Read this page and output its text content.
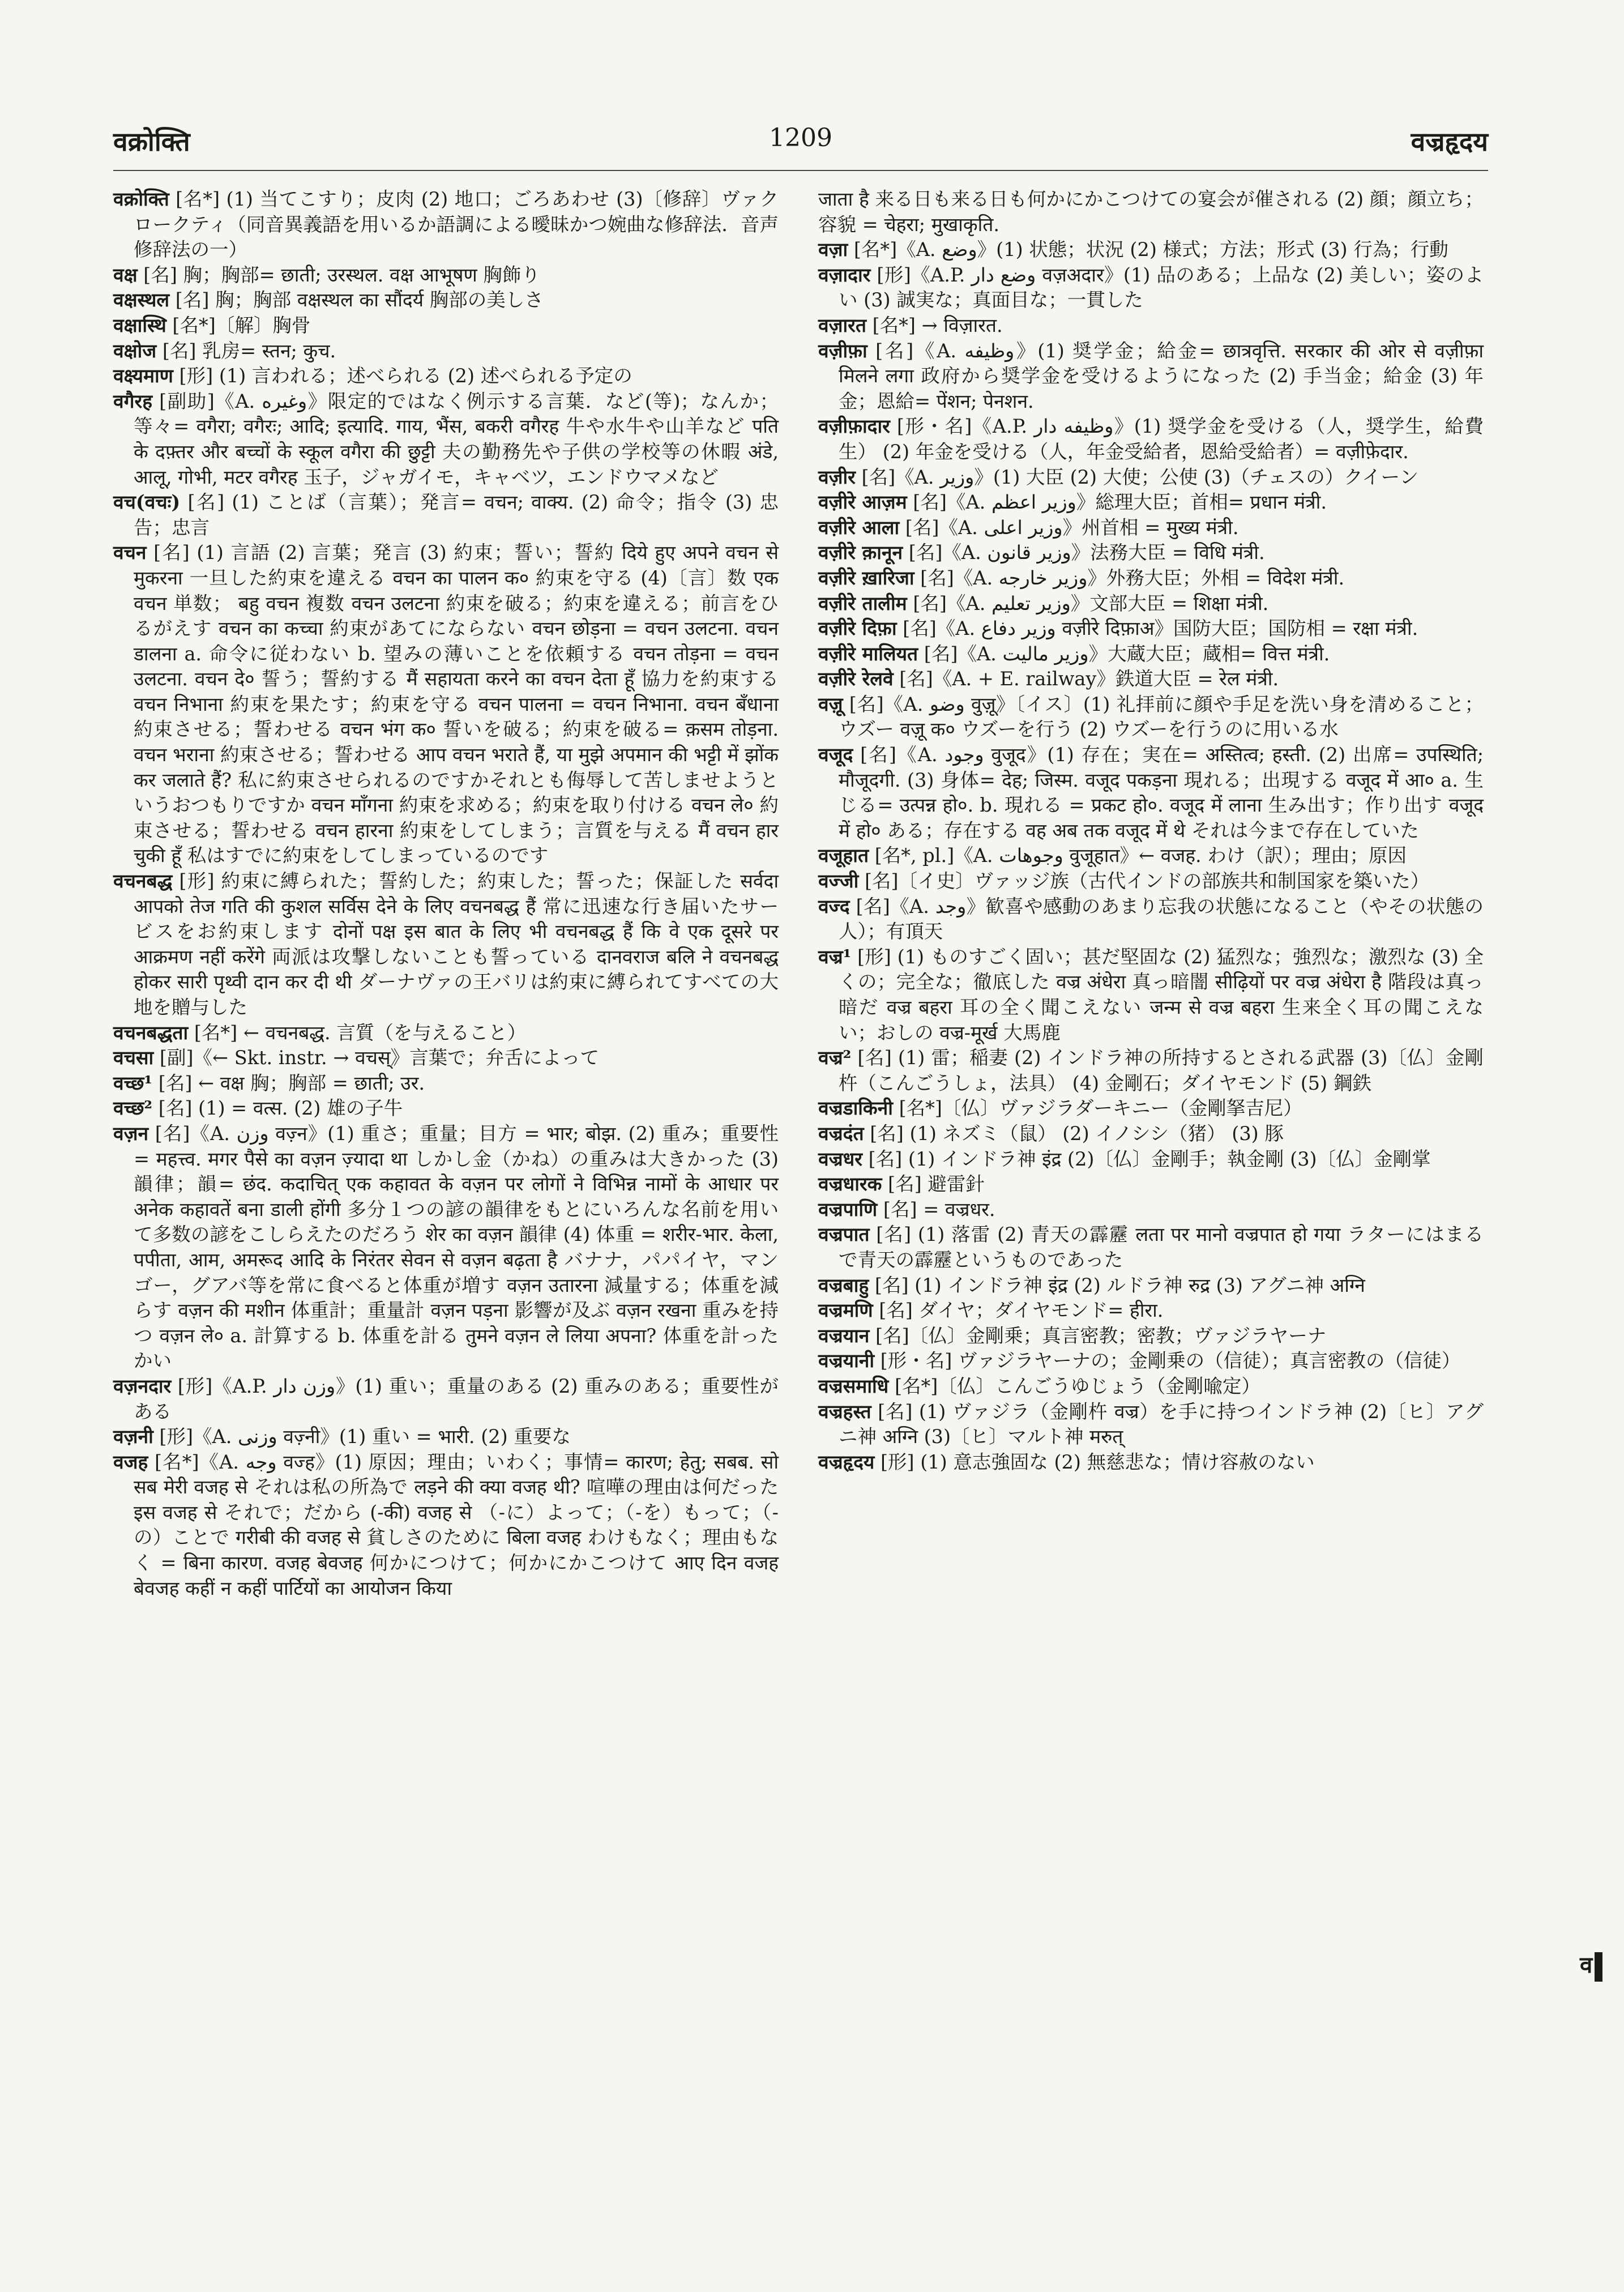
वक्रोक्ति	1209	वज्रहृदय

वक्रोक्ति [名*] (1) 当てこすり；皮肉 (2) 地口；ごろあわせ (3)〔修辞〕ヴァクロークティ（同音異義語を用いるか語調による曖昧かつ婉曲な修辞法．音声修辞法の一）

वक्ष [名] 胸；胸部= छाती; उरस्थल. वक्ष आभूषण 胸飾り

वक्षस्थल [名] 胸；胸部 वक्षस्थल का सौंदर्य 胸部の美しさ

वक्षास्थि [名*]〔解〕胸骨

वक्षोज [名] 乳房= स्तन; कुच.

वक्ष्यमाण [形] (1) 言われる；述べられる (2) 述べられる予定の

वगैरह [副助]《A. وغيره》限定的ではなく例示する言葉．など(等)；なんか；等々= वगैरा; वगैरः; आदि; इत्यादि. गाय, भैंस, बकरी वगैरह 牛や水牛や山羊など पति के दफ़्तर और बच्चों के स्कूल वगैरा की छुट्टी 夫の勤務先や子供の学校等の休暇 अंडे, आलू, गोभी, मटर वगैरह 玉子，ジャガイモ，キャベツ，エンドウマメなど

वच(वचः) [名] (1) ことば（言葉）；発言= वचन; वाक्य. (2) 命令；指令 (3) 忠告；忠言

वचन [名] (1) 言語 (2) 言葉；発言 (3) 約束；誓い；誓約 दिये हुए अपने वचन से मुकरना 一旦した約束を違える वचन का पालन क० 約束を守る (4)〔言〕数 एक वचन 単数； बहु वचन 複数 वचन उलटना 約束を破る；約束を違える；前言をひるがえす वचन का कच्चा 約束があてにならない वचन छोड़ना = वचन उलटना. वचन डालना a. 命令に従わない b. 望みの薄いことを依頼する वचन तोड़ना = वचन उलटना. वचन दे० 誓う；誓約する मैं सहायता करने का वचन देता हूँ 協力を約束する वचन निभाना 約束を果たす；約束を守る वचन पालना = वचन निभाना. वचन बँधाना 約束させる；誓わせる वचन भंग क० 誓いを破る；約束を破る= क़सम तोड़ना. वचन भराना 約束させる；誓わせる आप वचन भराते हैं, या मुझे अपमान की भट्टी में झोंक कर जलाते हैं? 私に約束させられるのですかそれとも侮辱して苦しませようというおつもりですか वचन माँगना 約束を求める；約束を取り付ける वचन ले० 約束させる；誓わせる वचन हारना 約束をしてしまう；言質を与える मैं वचन हार चुकी हूँ 私はすでに約束をしてしまっているのです

वचनबद्ध [形] 約束に縛られた；誓約した；約束した；誓った；保証した सर्वदा आपको तेज गति की कुशल सर्विस देने के लिए वचनबद्ध हैं 常に迅速な行き届いたサービスをお約束します दोनों पक्ष इस बात के लिए भी वचनबद्ध हैं कि वे एक दूसरे पर आक्रमण नहीं करेंगे 両派は攻撃しないことも誓っている दानवराज बलि ने वचनबद्ध होकर सारी पृथ्वी दान कर दी थी ダーナヴァの王バリは約束に縛られてすべての大地を贈与した

वचनबद्धता [名*] ← वचनबद्ध. 言質（を与えること）

वचसा [副]《← Skt. instr. → वचस्》言葉で；弁舌によって

वच्छ¹ [名] ← वक्ष 胸；胸部 = छाती; उर.

वच्छ² [名] (1) = वत्स. (2) 雄の子牛

वज़न [名]《A. وزن वज़्न》(1) 重さ；重量；目方 = भार; बोझ. (2) 重み；重要性 = महत्त्व. मगर पैसे का वज़न ज़्यादा था しかし金（かね）の重みは大きかった (3) 韻律；韻= छंद. कदाचित् एक कहावत के वज़न पर लोगों ने विभिन्न नामों के आधार पर अनेक कहावतें बना डाली होंगी 多分１つの諺の韻律をもとにいろんな名前を用いて多数の諺をこしらえたのだろう शेर का वज़न 韻律 (4) 体重 = शरीर-भार. केला, पपीता, आम, अमरूद आदि के निरंतर सेवन से वज़न बढ़ता है バナナ，パパイヤ，マンゴー，グアバ等を常に食べると体重が増す वज़न उतारना 減量する；体重を減らす वज़न की मशीन 体重計；重量計 वज़न पड़ना 影響が及ぶ वज़न रखना 重みを持つ वज़न ले० a. 計算する b. 体重を計る तुमने वज़न ले लिया अपना? 体重を計ったかい

वज़नदार [形]《A.P. وزن دار》(1) 重い；重量のある (2) 重みのある；重要性がある

वज़नी [形]《A. وزنى वज़्नी》(1) 重い = भारी. (2) 重要な

वजह [名*]《A. وجه वज्ह》(1) 原因；理由；いわく；事情= कारण; हेतु; सबब. सो सब मेरी वजह से それは私の所為で लड़ने की क्या वजह थी? 喧嘩の理由は何だった इस वजह से それで；だから (-की) वजह से （-に）よって；（-を）もって；（-の）ことで गरीबी की वजह से 貧しさのために बिला वजह わけもなく；理由もなく = बिना कारण. वजह बेवजह 何かにつけて；何かにかこつけて आए दिन वजह बेवजह कहीं न कहीं पार्टियों का आयोजन किया

जाता है 来る日も来る日も何かにかこつけての宴会が催される (2) 顔；顔立ち；容貌 = चेहरा; मुखाकृति.

वज़ा [名*]《A. وضع》(1) 状態；状況 (2) 様式；方法；形式 (3) 行為；行動

वज़ादार [形]《A.P. وضع دار वज़अदार》(1) 品のある；上品な (2) 美しい；姿のよい (3) 誠実な；真面目な；一貫した

वज़ारत [名*] → विज़ारत.

वज़ीफ़ा [名]《A. وظيفه》(1) 奨学金；給金= छात्रवृत्ति. सरकार की ओर से वज़ीफ़ा मिलने लगा 政府から奨学金を受けるようになった (2) 手当金；給金 (3) 年金；恩給= पेंशन; पेनशन.

वज़ीफ़ादार [形・名]《A.P. وظيفه دار》(1) 奨学金を受ける（人，奨学生，給費生） (2) 年金を受ける（人，年金受給者，恩給受給者）= वज़ीफ़ेदार.

वज़ीर [名]《A. وزير》(1) 大臣 (2) 大使；公使 (3)（チェスの）クイーン

वज़ीरे आज़म [名]《A. وزير اعظم》総理大臣；首相= प्रधान मंत्री.

वज़ीरे आला [名]《A. وزير اعلى》州首相 = मुख्य मंत्री.

वज़ीरे क़ानून [名]《A. وزير قانون》法務大臣 = विधि मंत्री.

वज़ीरे ख़ारिजा [名]《A. وزير خارجه》外務大臣；外相 = विदेश मंत्री.

वज़ीरे तालीम [名]《A. وزير تعليم》文部大臣 = शिक्षा मंत्री.

वज़ीरे दिफ़ा [名]《A. وزير دفاع वज़ीरे दिफ़ाअ》国防大臣；国防相 = रक्षा मंत्री.

वज़ीरे मालियत [名]《A. وزير ماليت》大蔵大臣；蔵相= वित्त मंत्री.

वज़ीरे रेलवे [名]《A. + E. railway》鉄道大臣 = रेल मंत्री.

वज़ू [名]《A. وضو वुज़ू》〔イス〕(1) 礼拝前に顔や手足を洗い身を清めること；ウズー वज़ू क० ウズーを行う (2) ウズーを行うのに用いる水

वजूद [名]《A. وجود वुजूद》(1) 存在；実在= अस्तित्व; हस्ती. (2) 出席= उपस्थिति; मौजूदगी. (3) 身体= देह; जिस्म. वजूद पकड़ना 現れる；出現する वजूद में आ० a. 生じる= उत्पन्न हो०. b. 現れる = प्रकट हो०. वजूद में लाना 生み出す；作り出す वजूद में हो० ある；存在する वह अब तक वजूद में थे それは今まで存在していた

वजूहात [名*, pl.]《A. وجوهات वुजूहात》← वजह. わけ（訳）；理由；原因

वज्जी [名]〔イ史〕ヴァッジ族（古代インドの部族共和制国家を築いた）

वज्द [名]《A. وجد》歓喜や感動のあまり忘我の状態になること（やその状態の人）；有頂天

वज्र¹ [形] (1) ものすごく固い；甚だ堅固な (2) 猛烈な；強烈な；激烈な (3) 全くの；完全な；徹底した वज्र अंधेरा 真っ暗闇 सीढ़ियों पर वज्र अंधेरा है 階段は真っ暗だ वज्र बहरा 耳の全く聞こえない जन्म से वज्र बहरा 生来全く耳の聞こえない；おしの वज्र-मूर्ख 大馬鹿

वज्र² [名] (1) 雷；稲妻 (2) インドラ神の所持するとされる武器 (3)〔仏〕金剛杵（こんごうしょ，法具） (4) 金剛石；ダイヤモンド (5) 鋼鉄

वज्रडाकिनी [名*]〔仏〕ヴァジラダーキニー（金剛拏吉尼）

वज्रदंत [名] (1) ネズミ（鼠） (2) イノシシ（猪） (3) 豚

वज्रधर [名] (1) インドラ神 इंद्र (2)〔仏〕金剛手；執金剛 (3)〔仏〕金剛掌

वज्रधारक [名] 避雷針

वज्रपाणि [名] = वज्रधर.

वज्रपात [名] (1) 落雷 (2) 青天の霹靂 लता पर मानो वज्रपात हो गया ラターにはまるで青天の霹靂というものであった

वज्रबाहु [名] (1) インドラ神 इंद्र (2) ルドラ神 रुद्र (3) アグニ神 अग्नि

वज्रमणि [名] ダイヤ；ダイヤモンド= हीरा.

वज्रयान [名]〔仏〕金剛乗；真言密教；密教；ヴァジラヤーナ

वज्रयानी [形・名] ヴァジラヤーナの；金剛乗の（信徒）；真言密教の（信徒）

वज्रसमाधि [名*]〔仏〕こんごうゆじょう（金剛喩定）

वज्रहस्त [名] (1) ヴァジラ（金剛杵 वज्र）を手に持つインドラ神 (2)〔ヒ〕アグニ神 अग्नि (3)〔ヒ〕マルト神 मरुत्

वज्रहृदय [形] (1) 意志強固な (2) 無慈悲な；情け容赦のない

व
